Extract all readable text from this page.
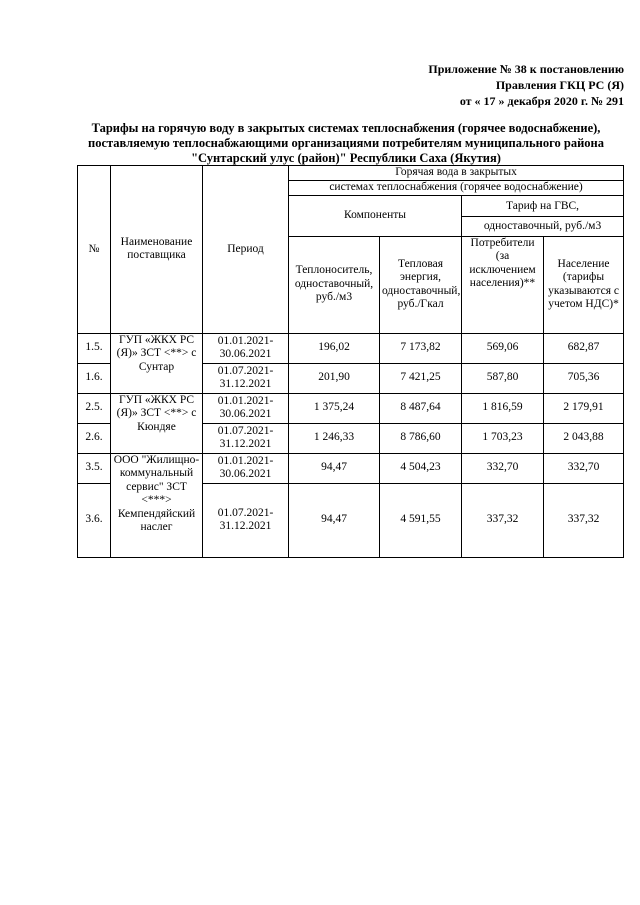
Приложение № 38 к постановлению
Правления ГКЦ РС (Я)
от « 17 » декабря 2020 г. № 291
Тарифы на горячую воду в закрытых системах теплоснабжения (горячее водоснабжение),
поставляемую теплоснабжающими организациями потребителям муниципального района
"Сунтарский улус (район)" Республики Саха (Якутия)
№	Наименование поставщика	Период	Горячая вода в закрытых			
			системах теплоснабжения (горячее водоснабжение)			
			Компоненты		Тариф на ГВС,
одноставочный, руб./м3	

			Теплоноситель, одноставочный, руб./м3	Тепловая энергия, одноставочный, руб./Гкал	Потребители (за исключением населения)**	Население (тарифы указываются с учетом НДС)*
1.5.	ГУП «ЖКХ РС (Я)» ЗСТ <**> с Сунтар	01.01.2021-30.06.2021	196,02	7 173,82	569,06	682,87
1.6.		01.07.2021-31.12.2021	201,90	7 421,25	587,80	705,36
2.5.	ГУП «ЖКХ РС (Я)» ЗСТ <**> с Кюндяе	01.01.2021-30.06.2021	1 375,24	8 487,64	1 816,59	2 179,91
2.6.		01.07.2021-31.12.2021	1 246,33	8 786,60	1 703,23	2 043,88
3.5.	ООО "Жилищно-коммунальный сервис" ЗСТ <***> Кемпендяйский наслег	01.01.2021-30.06.2021	94,47	4 504,23	332,70	332,70
3.6.		01.07.2021-31.12.2021	94,47	4 591,55	337,32	337,32
